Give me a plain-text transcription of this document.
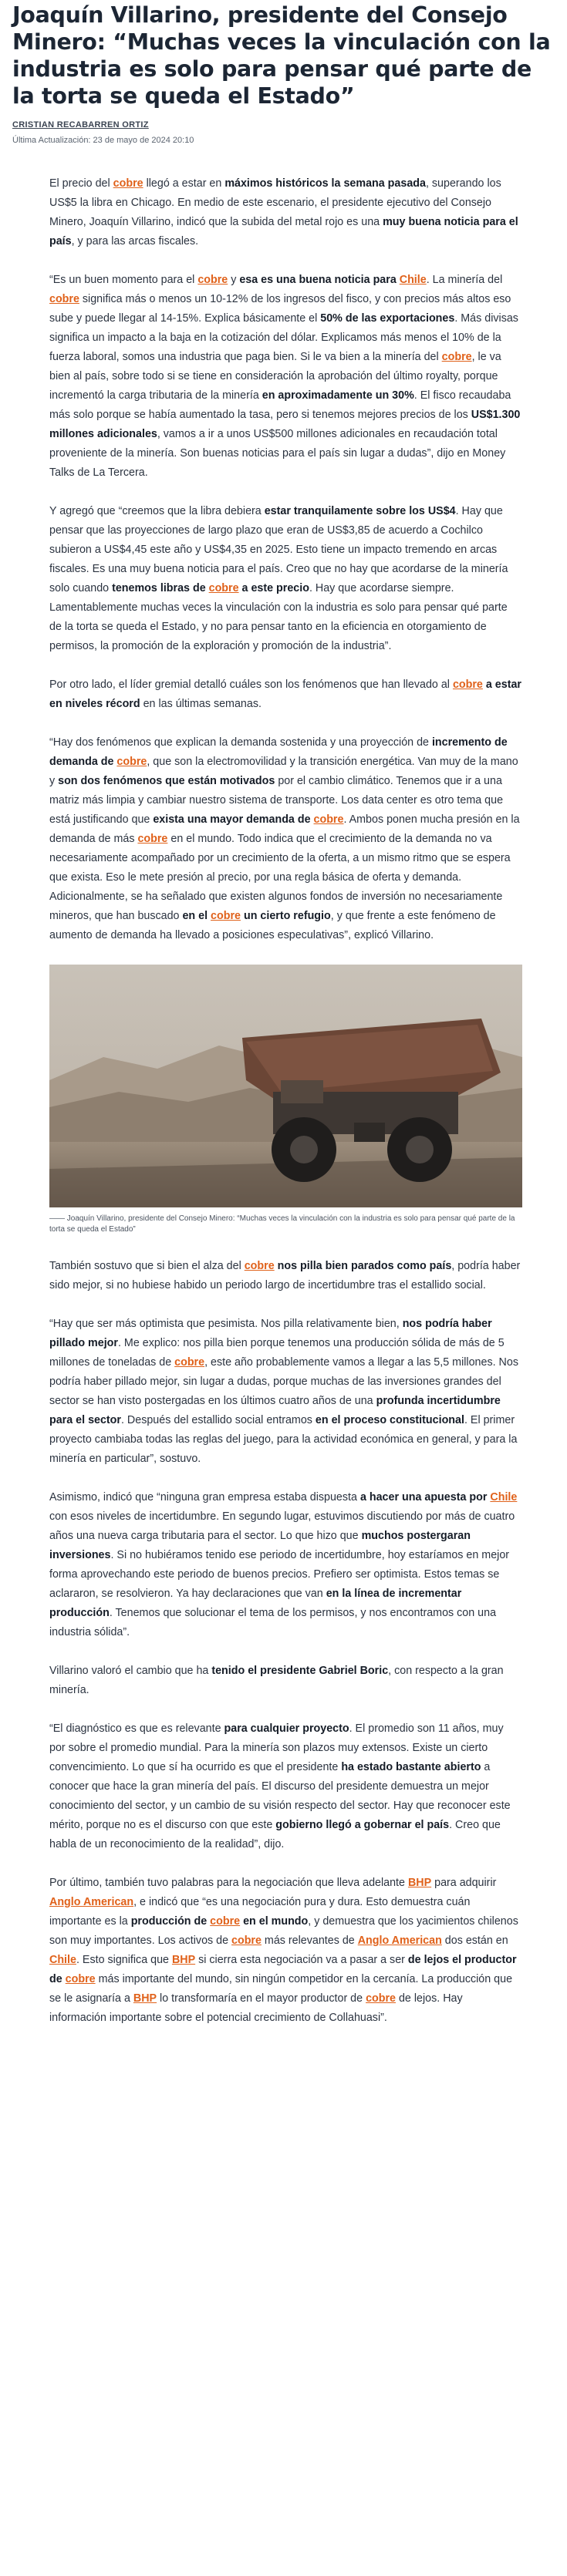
Joaquín Villarino, presidente del Consejo Minero: “Muchas veces la vinculación con la industria es solo para pensar qué parte de la torta se queda el Estado”
CRISTIAN RECABARREN ORTIZ
Última Actualización: 23 de mayo de 2024 20:10

El precio del cobre llegó a estar en máximos históricos la semana pasada, superando los US$5 la libra en Chicago. En medio de este escenario, el presidente ejecutivo del Consejo Minero, Joaquín Villarino, indicó que la subida del metal rojo es una muy buena noticia para el país, y para las arcas fiscales.

“Es un buen momento para el cobre y esa es una buena noticia para Chile. La minería del cobre significa más o menos un 10-12% de los ingresos del fisco, y con precios más altos eso sube y puede llegar al 14-15%. Explica básicamente el 50% de las exportaciones. Más divisas significa un impacto a la baja en la cotización del dólar. Explicamos más menos el 10% de la fuerza laboral, somos una industria que paga bien. Si le va bien a la minería del cobre, le va bien al país, sobre todo si se tiene en consideración la aprobación del último royalty, porque incrementó la carga tributaria de la minería en aproximadamente un 30%. El fisco recaudaba más solo porque se había aumentado la tasa, pero si tenemos mejores precios de los US$1.300 millones adicionales, vamos a ir a unos US$500 millones adicionales en recaudación total proveniente de la minería. Son buenas noticias para el país sin lugar a dudas”, dijo en Money Talks de La Tercera.

Y agregó que “creemos que la libra debiera estar tranquilamente sobre los US$4. Hay que pensar que las proyecciones de largo plazo que eran de US$3,85 de acuerdo a Cochilco subieron a US$4,45 este año y US$4,35 en 2025. Esto tiene un impacto tremendo en arcas fiscales. Es una muy buena noticia para el país. Creo que no hay que acordarse de la minería solo cuando tenemos libras de cobre a este precio. Hay que acordarse siempre. Lamentablemente muchas veces la vinculación con la industria es solo para pensar qué parte de la torta se queda el Estado, y no para pensar tanto en la eficiencia en otorgamiento de permisos, la promoción de la exploración y promoción de la industria”.

Por otro lado, el líder gremial detalló cuáles son los fenómenos que han llevado al cobre a estar en niveles récord en las últimas semanas.

“Hay dos fenómenos que explican la demanda sostenida y una proyección de incremento de demanda de cobre, que son la electromovilidad y la transición energética. Van muy de la mano y son dos fenómenos que están motivados por el cambio climático. Tenemos que ir a una matriz más limpia y cambiar nuestro sistema de transporte. Los data center es otro tema que está justificando que exista una mayor demanda de cobre. Ambos ponen mucha presión en la demanda de más cobre en el mundo. Todo indica que el crecimiento de la demanda no va necesariamente acompañado por un crecimiento de la oferta, a un mismo ritmo que se espera que exista. Eso le mete presión al precio, por una regla básica de oferta y demanda. Adicionalmente, se ha señalado que existen algunos fondos de inversión no necesariamente mineros, que han buscado en el cobre un cierto refugio, y que frente a este fenómeno de aumento de demanda ha llevado a posiciones especulativas”, explicó Villarino.

—— Joaquín Villarino, presidente del Consejo Minero: “Muchas veces la vinculación con la industria es solo para pensar qué parte de la torta se queda el Estado”

También sostuvo que si bien el alza del cobre nos pilla bien parados como país, podría haber sido mejor, si no hubiese habido un periodo largo de incertidumbre tras el estallido social.

“Hay que ser más optimista que pesimista. Nos pilla relativamente bien, nos podría haber pillado mejor. Me explico: nos pilla bien porque tenemos una producción sólida de más de 5 millones de toneladas de cobre, este año probablemente vamos a llegar a las 5,5 millones. Nos podría haber pillado mejor, sin lugar a dudas, porque muchas de las inversiones grandes del sector se han visto postergadas en los últimos cuatro años de una profunda incertidumbre para el sector. Después del estallido social entramos en el proceso constitucional. El primer proyecto cambiaba todas las reglas del juego, para la actividad económica en general, y para la minería en particular”, sostuvo.

Asimismo, indicó que “ninguna gran empresa estaba dispuesta a hacer una apuesta por Chile con esos niveles de incertidumbre. En segundo lugar, estuvimos discutiendo por más de cuatro años una nueva carga tributaria para el sector. Lo que hizo que muchos postergaran inversiones. Si no hubiéramos tenido ese periodo de incertidumbre, hoy estaríamos en mejor forma aprovechando este periodo de buenos precios. Prefiero ser optimista. Estos temas se aclararon, se resolvieron. Ya hay declaraciones que van en la línea de incrementar producción. Tenemos que solucionar el tema de los permisos, y nos encontramos con una industria sólida”.

Villarino valoró el cambio que ha tenido el presidente Gabriel Boric, con respecto a la gran minería.

“El diagnóstico es que es relevante para cualquier proyecto. El promedio son 11 años, muy por sobre el promedio mundial. Para la minería son plazos muy extensos. Existe un cierto convencimiento. Lo que sí ha ocurrido es que el presidente ha estado bastante abierto a conocer que hace la gran minería del país. El discurso del presidente demuestra un mejor conocimiento del sector, y un cambio de su visión respecto del sector. Hay que reconocer este mérito, porque no es el discurso con que este gobierno llegó a gobernar el país. Creo que habla de un reconocimiento de la realidad”, dijo.

Por último, también tuvo palabras para la negociación que lleva adelante BHP para adquirir Anglo American, e indicó que “es una negociación pura y dura. Esto demuestra cuán importante es la producción de cobre en el mundo, y demuestra que los yacimientos chilenos son muy importantes. Los activos de cobre más relevantes de Anglo American dos están en Chile. Esto significa que BHP si cierra esta negociación va a pasar a ser de lejos el productor de cobre más importante del mundo, sin ningún competidor en la cercanía. La producción que se le asignaría a BHP lo transformaría en el mayor productor de cobre de lejos. Hay información importante sobre el potencial crecimiento de Collahuasi”.
